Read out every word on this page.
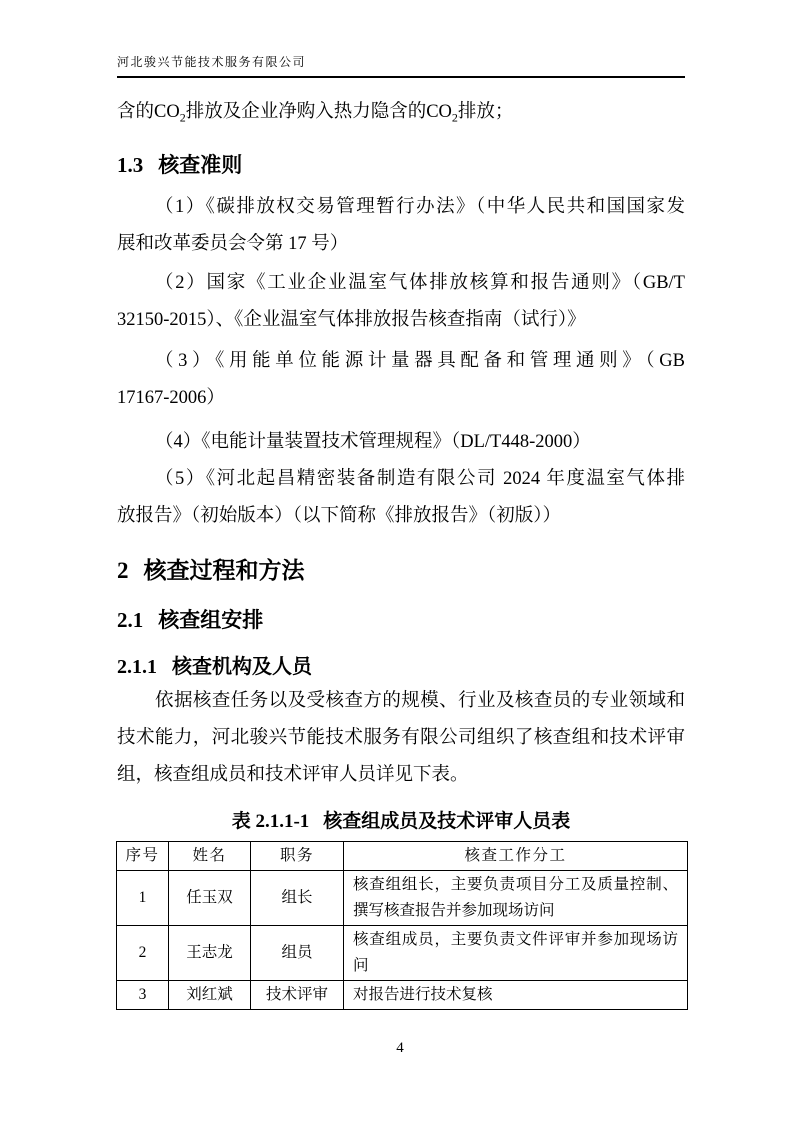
河北骏兴节能技术服务有限公司
含的$CO_2$排放及企业净购入热力隐含的$CO_2$排放；
1.3 核查准则
（1）《碳排放权交易管理暂行办法》（中华人民共和国国家发
展和改革委员会令第 17 号）
（2）国家《工业企业温室气体排放核算和报告通则》（GB/T
32150-2015）、《企业温室气体排放报告核查指南（试行）》
（3）《用能单位能源计量器具配备和管理通则》（GB
17167-2006）
（4）《电能计量装置技术管理规程》（DL/T448-2000）
（5）《河北起昌精密装备制造有限公司 2024 年度温室气体排
放报告》（初始版本）（以下简称《排放报告》（初版））
2 核查过程和方法
2.1 核查组安排
2.1.1 核查机构及人员
依据核查任务以及受核查方的规模、行业及核查员的专业领域和
技术能力，河北骏兴节能技术服务有限公司组织了核查组和技术评审
组，核查组成员和技术评审人员详见下表。
表 2.1.1-1 核查组成员及技术评审人员表
序号	姓名	职务	核查工作分工
1	任玉双	组长	核查组组长，主要负责项目分工及质量控制、撰写核查报告并参加现场访问
2	王志龙	组员	核查组成员，主要负责文件评审并参加现场访问
3	刘红斌	技术评审	对报告进行技术复核
4
